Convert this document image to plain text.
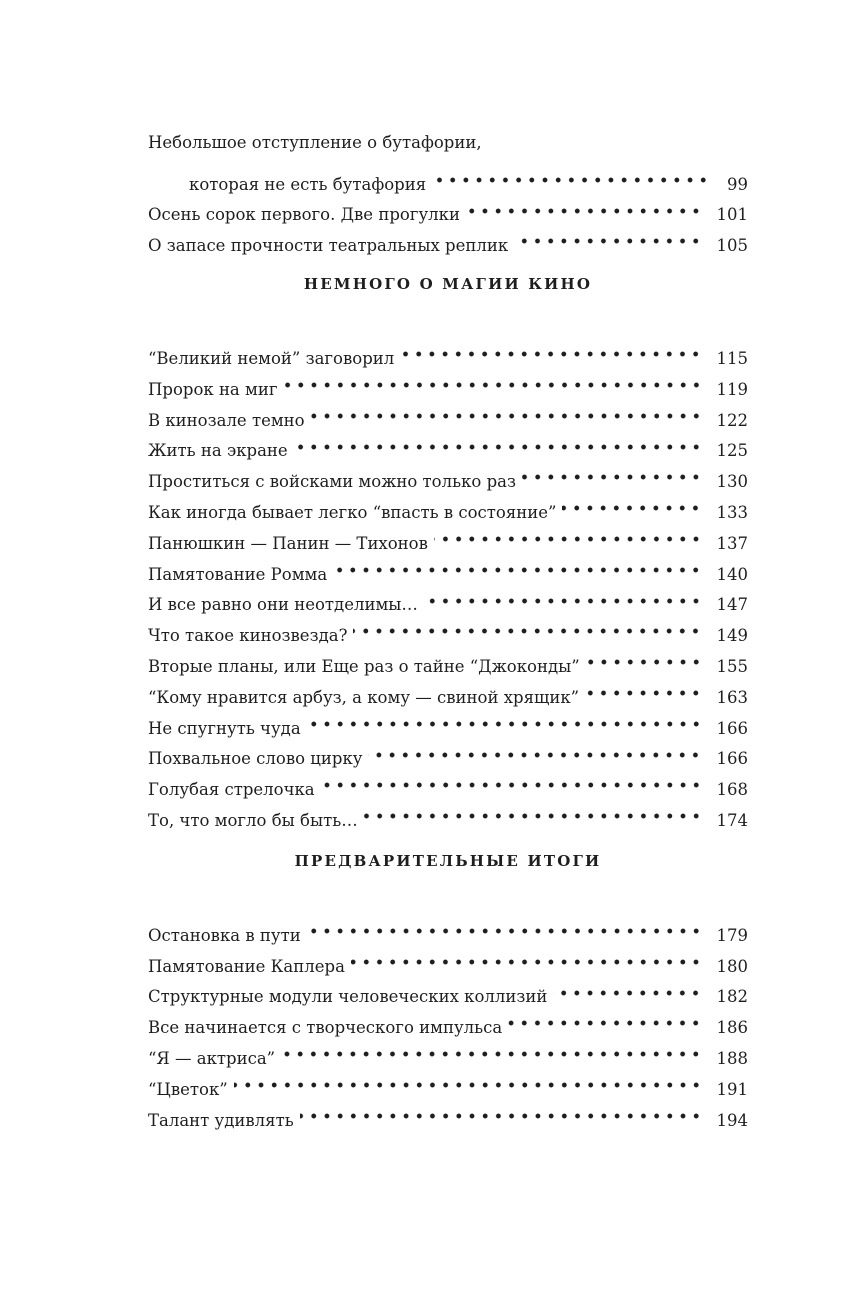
Небольшое отступление о бутафории,
которая не есть бутафория	99
Осень сорок первого. Две прогулки	101
О запасе прочности театральных реплик	105
НЕМНОГО О МАГИИ КИНО
“Великий немой” заговорил	115
Пророк на миг	119
В кинозале темно	122
Жить на экране	125
Проститься с войсками можно только раз	130
Как иногда бывает легко “впасть в состояние”	133
Панюшкин — Панин — Тихонов	137
Памятование Ромма	140
И все равно они неотделимы…	147
Что такое кинозвезда?	149
Вторые планы, или Еще раз о тайне “Джоконды”	155
“Кому нравится арбуз, а кому — свиной хрящик”	163
Не спугнуть чуда	166
Похвальное слово цирку	166
Голубая стрелочка	168
То, что могло бы быть…	174
ПРЕДВАРИТЕЛЬНЫЕ ИТОГИ
Остановка в пути	179
Памятование Каплера	180
Структурные модули человеческих коллизий	182
Все начинается с творческого импульса	186
“Я — актриса”	188
“Цветок”	191
Талант удивлять	194
